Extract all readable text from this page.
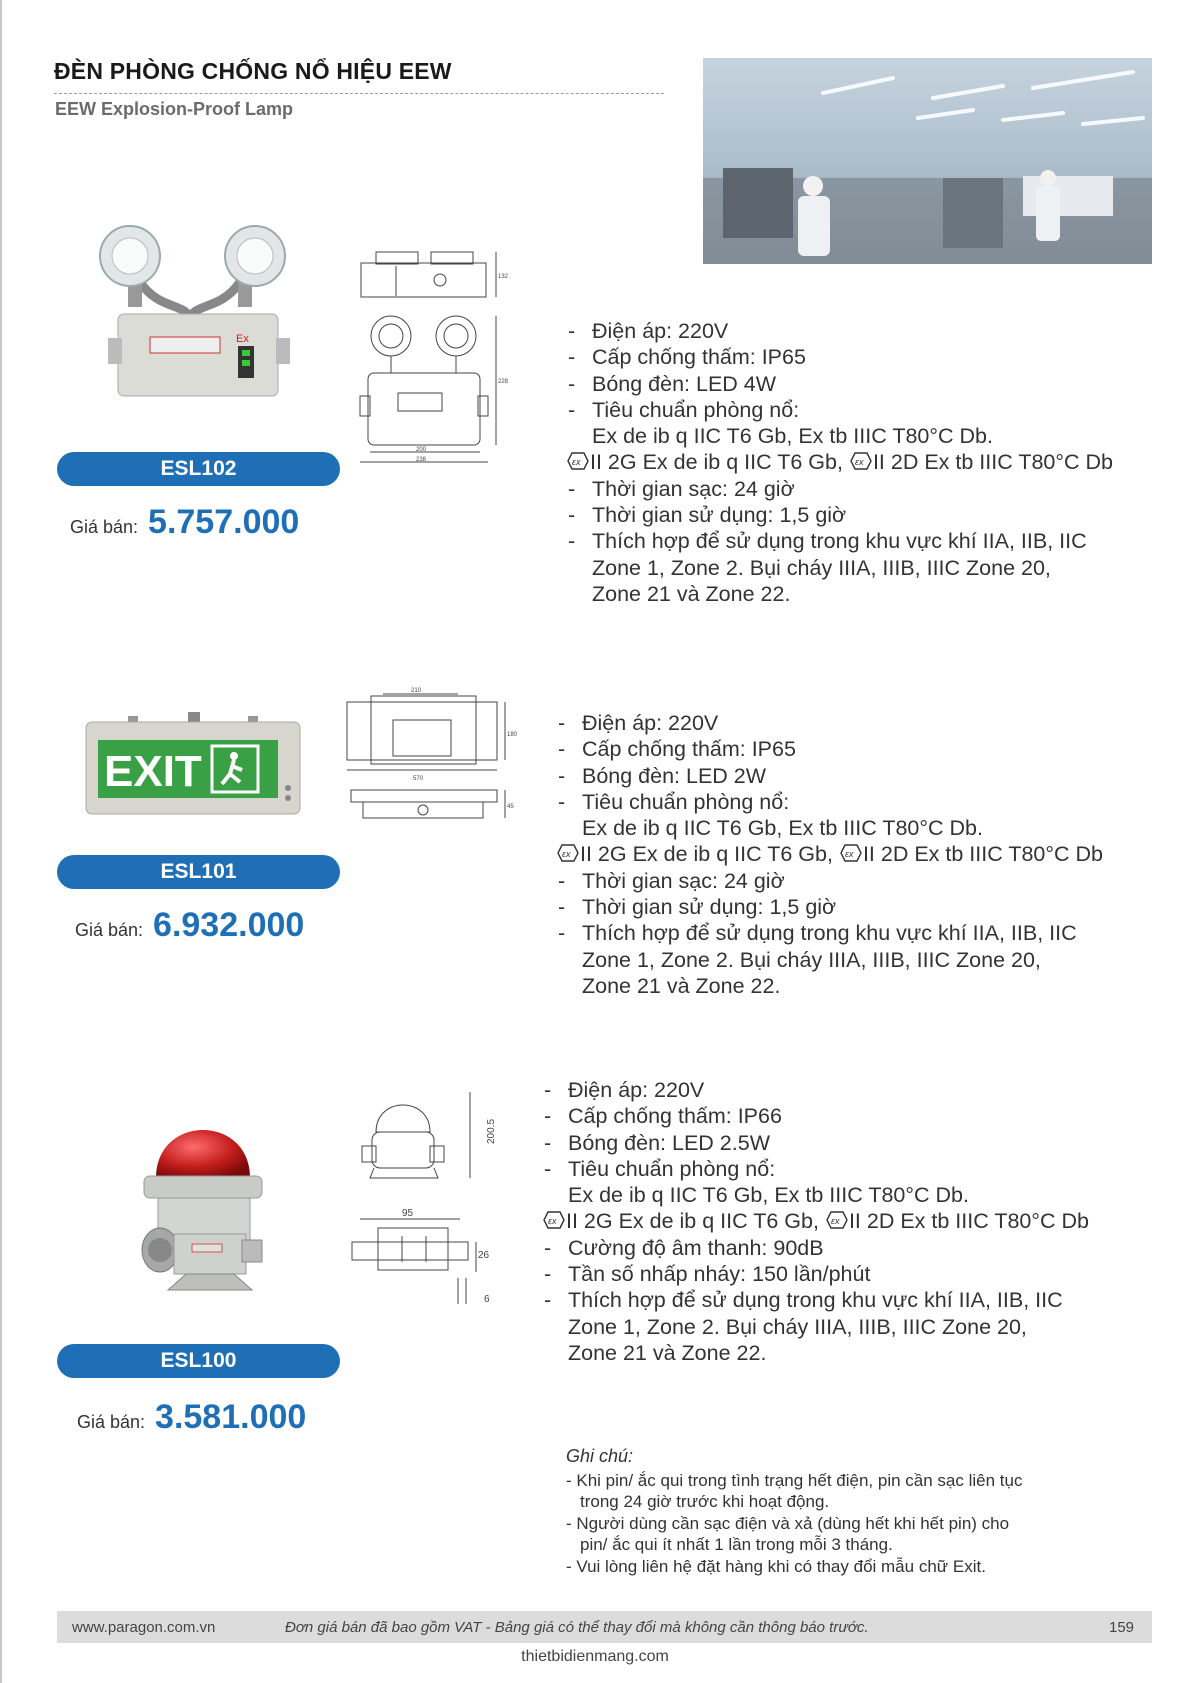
ĐÈN PHÒNG CHỐNG NỔ HIỆU EEW
EEW Explosion-Proof Lamp
Ex
132
200
238
228
ESL102
Giá bán: 5.757.000
- Điện áp: 220V
- Cấp chống thấm: IP65
- Bóng đèn: LED 4W
- Tiêu chuẩn phòng nổ:
Ex de ib q IIC T6 Gb, Ex tb IIIC T80°C Db.
εx II 2G Ex de ib q IIC T6 Gb, εx II 2D Ex tb IIIC T80°C Db
- Thời gian sạc: 24 giờ
- Thời gian sử dụng: 1,5 giờ
- Thích hợp để sử dụng trong khu vực khí IIA, IIB, IIC
Zone 1, Zone 2. Bụi cháy IIIA, IIIB, IIIC Zone 20,
Zone 21 và Zone 22.
EXIT
210
180
570
45
ESL101
Giá bán: 6.932.000
- Điện áp: 220V
- Cấp chống thấm: IP65
- Bóng đèn: LED 2W
- Tiêu chuẩn phòng nổ:
Ex de ib q IIC T6 Gb, Ex tb IIIC T80°C Db.
εx II 2G Ex de ib q IIC T6 Gb, εx II 2D Ex tb IIIC T80°C Db
- Thời gian sạc: 24 giờ
- Thời gian sử dụng: 1,5 giờ
- Thích hợp để sử dụng trong khu vực khí IIA, IIB, IIC
Zone 1, Zone 2. Bụi cháy IIIA, IIIB, IIIC Zone 20,
Zone 21 và Zone 22.
200.5
95
26
6
ESL100
Giá bán: 3.581.000
- Điện áp: 220V
- Cấp chống thấm: IP66
- Bóng đèn: LED 2.5W
- Tiêu chuẩn phòng nổ:
Ex de ib q IIC T6 Gb, Ex tb IIIC T80°C Db.
εx II 2G Ex de ib q IIC T6 Gb, εx II 2D Ex tb IIIC T80°C Db
- Cường độ âm thanh: 90dB
- Tần số nhấp nháy: 150 lần/phút
- Thích hợp để sử dụng trong khu vực khí IIA, IIB, IIC
Zone 1, Zone 2. Bụi cháy IIIA, IIIB, IIIC Zone 20,
Zone 21 và Zone 22.
Ghi chú:
- Khi pin/ ắc qui trong tình trạng hết điện, pin cần sạc liên tục
trong 24 giờ trước khi hoạt động.
- Người dùng cần sạc điện và xả (dùng hết khi hết pin) cho
pin/ ắc qui ít nhất 1 lần trong mỗi 3 tháng.
- Vui lòng liên hệ đặt hàng khi có thay đổi mẫu chữ Exit.
www.paragon.com.vn	Đơn giá bán đã bao gồm VAT - Bảng giá có thể thay đổi mà không cần thông báo trước.	159
thietbidienmang.com
